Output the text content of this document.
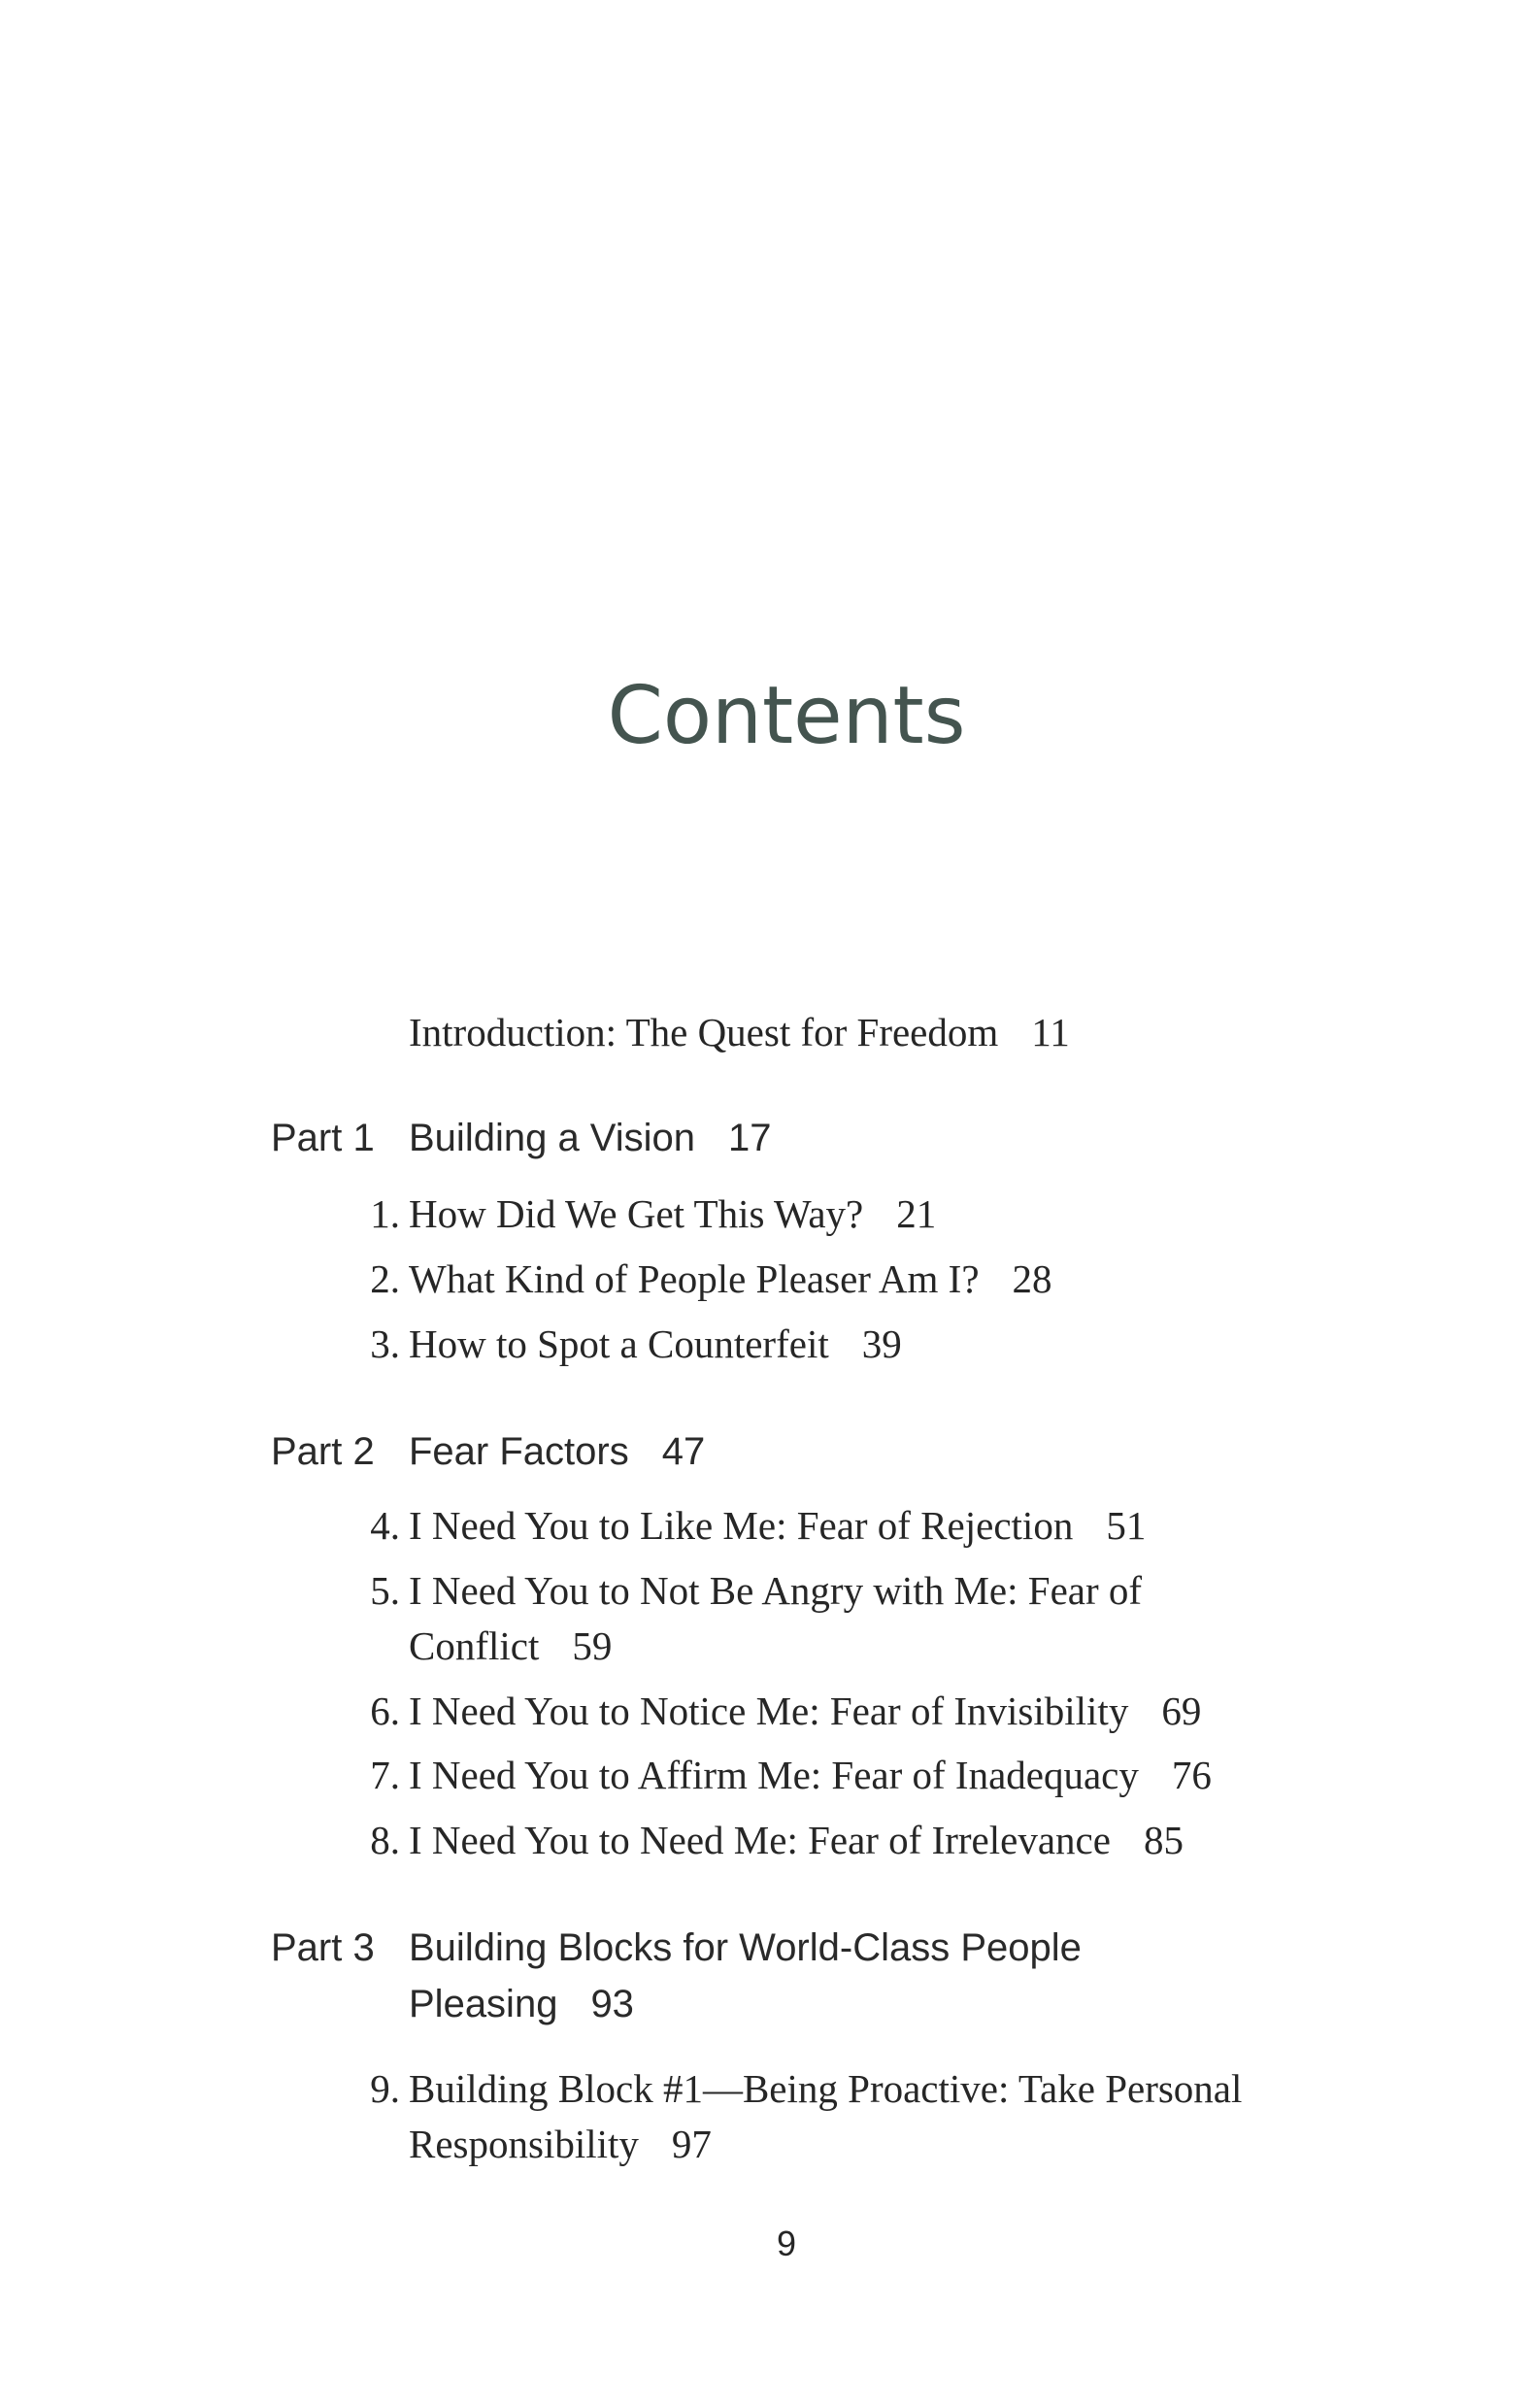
Contents
Introduction: The Quest for Freedom 11
Part 1 Building a Vision 17
1. How Did We Get This Way? 21
2. What Kind of People Pleaser Am I? 28
3. How to Spot a Counterfeit 39
Part 2 Fear Factors 47
4. I Need You to Like Me: Fear of Rejection 51
5. I Need You to Not Be Angry with Me: Fear of Conflict 59
6. I Need You to Notice Me: Fear of Invisibility 69
7. I Need You to Affirm Me: Fear of Inadequacy 76
8. I Need You to Need Me: Fear of Irrelevance 85
Part 3 Building Blocks for World-Class People Pleasing 93
9. Building Block #1—Being Proactive: Take Personal Responsibility 97
9
